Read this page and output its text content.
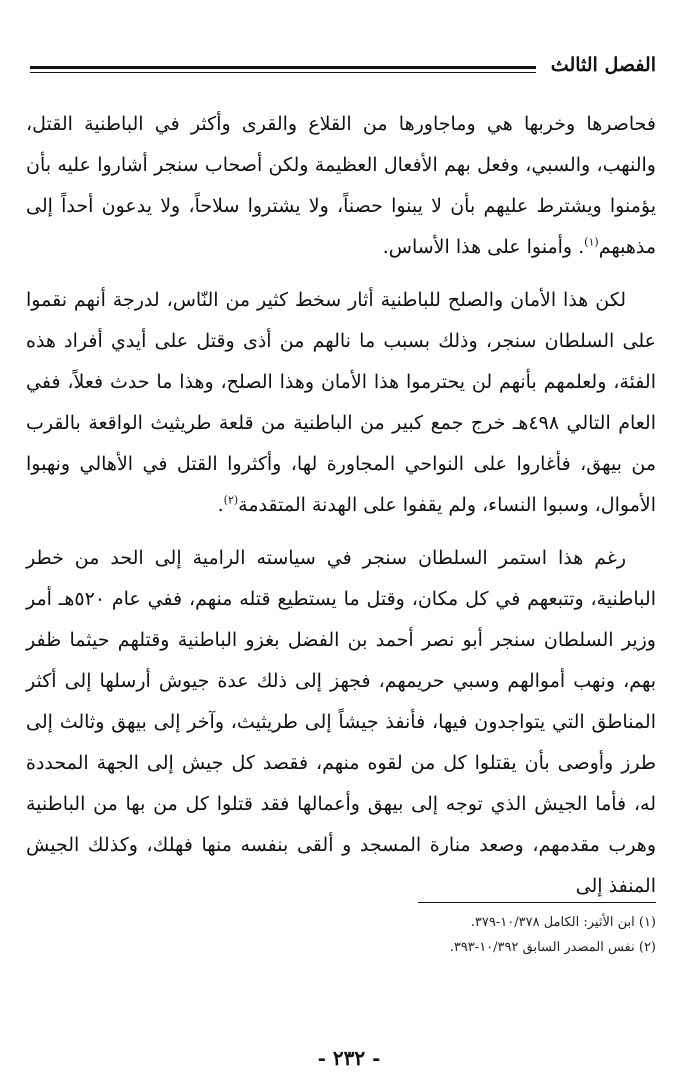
الفصل الثالث

فحاصرها وخربها هي وماجاورها من القلاع والقرى وأكثر في الباطنية القتل، والنهب، والسبي، وفعل بهم الأفعال العظيمة ولكن أصحاب سنجر أشاروا عليه بأن يؤمنوا ويشترط عليهم بأن لا يبنوا حصناً، ولا يشتروا سلاحاً، ولا يدعون أحداً إلى مذهبهم$^{(١)}$. وأمنوا على هذا الأساس.

لكن هذا الأمان والصلح للباطنية أثار سخط كثير من النّاس، لدرجة أنهم نقموا على السلطان سنجر، وذلك بسبب ما نالهم من أذى وقتل على أيدي أفراد هذه الفئة، ولعلمهم بأنهم لن يحترموا هذا الأمان وهذا الصلح، وهذا ما حدث فعلاً، ففي العام التالي ٤٩٨هـ خرج جمع كبير من الباطنية من قلعة طريثيث الواقعة بالقرب من بيهق، فأغاروا على النواحي المجاورة لها، وأكثروا القتل في الأهالي ونهبوا الأموال، وسبوا النساء، ولم يقفوا على الهدنة المتقدمة$^{(٢)}$.

رغم هذا استمر السلطان سنجر في سياسته الرامية إلى الحد من خطر الباطنية، وتتبعهم في كل مكان، وقتل ما يستطيع قتله منهم، ففي عام ٥٢٠هـ أمر وزير السلطان سنجر أبو نصر أحمد بن الفضل بغزو الباطنية وقتلهم حيثما ظفر بهم، ونهب أموالهم وسبي حريمهم، فجهز إلى ذلك عدة جيوش أرسلها إلى أكثر المناطق التي يتواجدون فيها، فأنفذ جيشاً إلى طريثيث، وآخر إلى بيهق وثالث إلى طرز وأوصى بأن يقتلوا كل من لقوه منهم، فقصد كل جيش إلى الجهة المحددة له، فأما الجيش الذي توجه إلى بيهق وأعمالها فقد قتلوا كل من بها من الباطنية وهرب مقدمهم، وصعد منارة المسجد و ألقى بنفسه منها فهلك، وكذلك الجيش المنفذ إلى

(١) ابن الأثير: الكامل ١٠/٣٧٨-٣٧٩.
(٢) نفس المصدر السابق ١٠/٣٩٢-٣٩٣.
- ٢٣٢ -
